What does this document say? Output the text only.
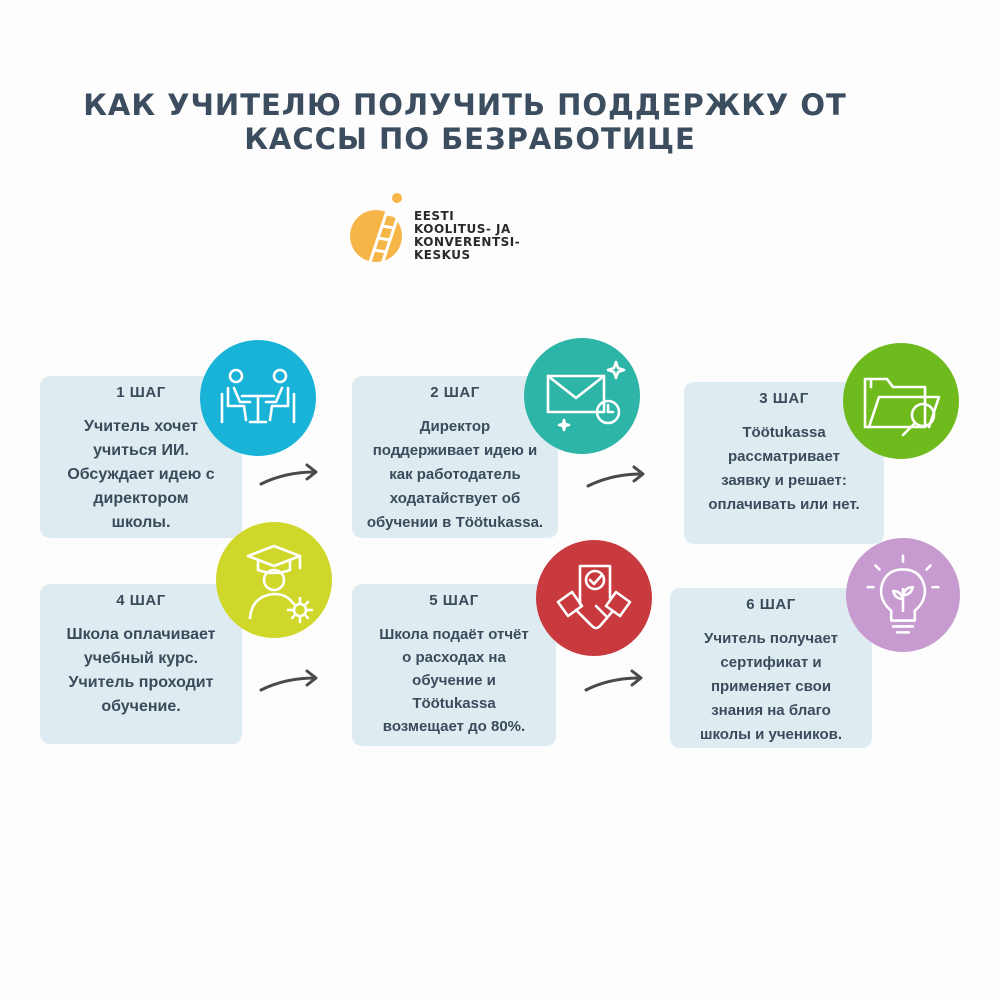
КАК УЧИТЕЛЮ ПОЛУЧИТЬ ПОДДЕРЖКУ ОТ
КАССЫ ПО БЕЗРАБОТИЦЕ
EESTI
KOOLITUS- JA
KONVERENTSI-
KESKUS
1 ШАГ
Учитель хочет
учиться ИИ.
Обсуждает идею с
директором
школы.
2 ШАГ
Директор
поддерживает идею и
как работодатель
ходатайствует об
обучении в Töötukassa.
3 ШАГ
Töötukassa
рассматривает
заявку и решает:
оплачивать или нет.
4 ШАГ
Школа оплачивает
учебный курс.
Учитель проходит
обучение.
5 ШАГ
Школа подаёт отчёт
о расходах на
обучение и
Töötukassa
возмещает до 80%.
6 ШАГ
Учитель получает
сертификат и
применяет свои
знания на благо
школы и учеников.
